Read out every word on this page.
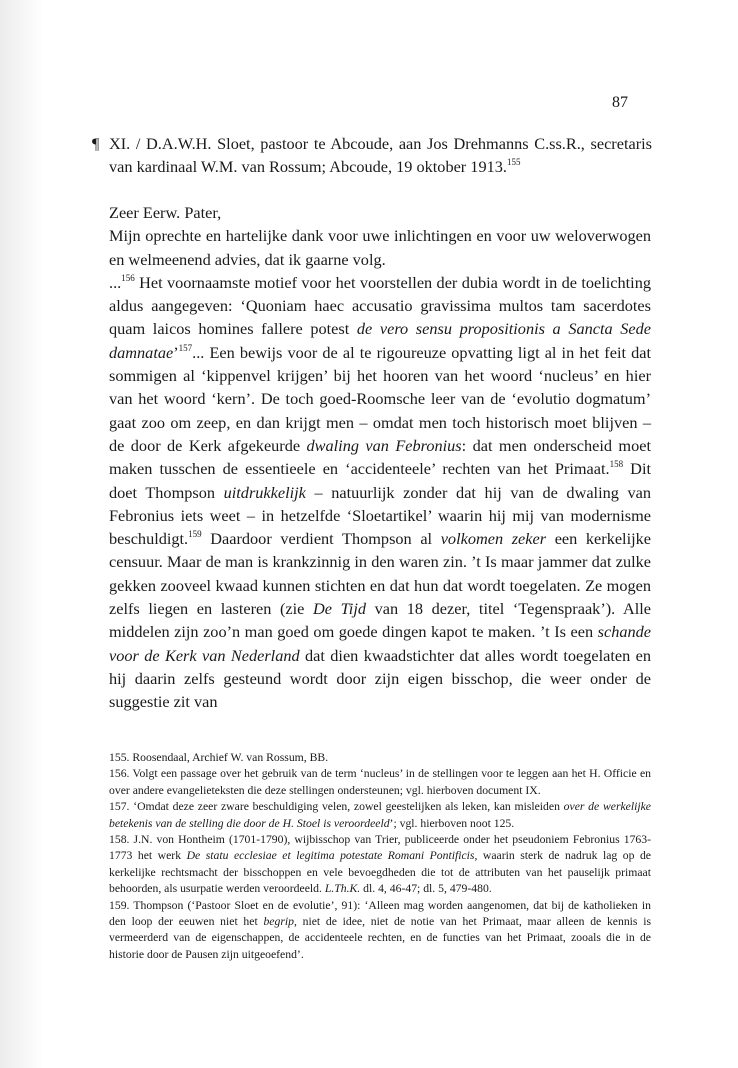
87
¶ XI. / D.A.W.H. Sloet, pastoor te Abcoude, aan Jos Drehmanns C.ss.R., secretaris van kardinaal W.M. van Rossum; Abcoude, 19 oktober 1913.$^{155}$

Zeer Eerw. Pater,

Mijn oprechte en hartelijke dank voor uwe inlichtingen en voor uw weloverwogen en welmeenend advies, dat ik gaarne volg.

...$^{156}$ Het voornaamste motief voor het voorstellen der dubia wordt in de toelichting aldus aangegeven: ‘Quoniam haec accusatio gravissima multos tam sacerdotes quam laicos homines fallere potest de vero sensu propositionis a Sancta Sede damnatae’$^{157}$... Een bewijs voor de al te rigoureuze opvatting ligt al in het feit dat sommigen al ‘kippenvel krijgen’ bij het hooren van het woord ‘nucleus’ en hier van het woord ‘kern’. De toch goed-Roomsche leer van de ‘evolutio dogmatum’ gaat zoo om zeep, en dan krijgt men – omdat men toch historisch moet blijven – de door de Kerk afgekeurde dwaling van Febronius: dat men onderscheid moet maken tusschen de essentieele en ‘accidenteele’ rechten van het Primaat.$^{158}$ Dit doet Thompson uitdrukkelijk – natuurlijk zonder dat hij van de dwaling van Febronius iets weet – in hetzelfde ‘Sloetartikel’ waarin hij mij van modernisme beschuldigt.$^{159}$ Daardoor verdient Thompson al volkomen zeker een kerkelijke censuur. Maar de man is krankzinnig in den waren zin. ’t Is maar jammer dat zulke gekken zooveel kwaad kunnen stichten en dat hun dat wordt toegelaten. Ze mogen zelfs liegen en lasteren (zie De Tijd van 18 dezer, titel ‘Tegenspraak’). Alle middelen zijn zoo’n man goed om goede dingen kapot te maken. ’t Is een schande voor de Kerk van Nederland dat dien kwaadstichter dat alles wordt toegelaten en hij daarin zelfs gesteund wordt door zijn eigen bisschop, die weer onder de suggestie zit van

155. Roosendaal, Archief W. van Rossum, BB.

156. Volgt een passage over het gebruik van de term ‘nucleus’ in de stellingen voor te leggen aan het H. Officie en over andere evangelieteksten die deze stellingen ondersteunen; vgl. hierboven document IX.

157. ‘Omdat deze zeer zware beschuldiging velen, zowel geestelijken als leken, kan misleiden over de werkelijke betekenis van de stelling die door de H. Stoel is veroordeeld’; vgl. hierboven noot 125.

158. J.N. von Hontheim (1701-1790), wijbisschop van Trier, publiceerde onder het pseudoniem Febronius 1763-1773 het werk De statu ecclesiae et legitima potestate Romani Pontificis, waarin sterk de nadruk lag op de kerkelijke rechtsmacht der bisschoppen en vele bevoegdheden die tot de attributen van het pauselijk primaat behoorden, als usurpatie werden veroordeeld. L.Th.K. dl. 4, 46-47; dl. 5, 479-480.

159. Thompson (‘Pastoor Sloet en de evolutie’, 91): ‘Alleen mag worden aangenomen, dat bij de katholieken in den loop der eeuwen niet het begrip, niet de idee, niet de notie van het Primaat, maar alleen de kennis is vermeerderd van de eigenschappen, de accidenteele rechten, en de functies van het Primaat, zooals die in de historie door de Pausen zijn uitgeoefend’.
